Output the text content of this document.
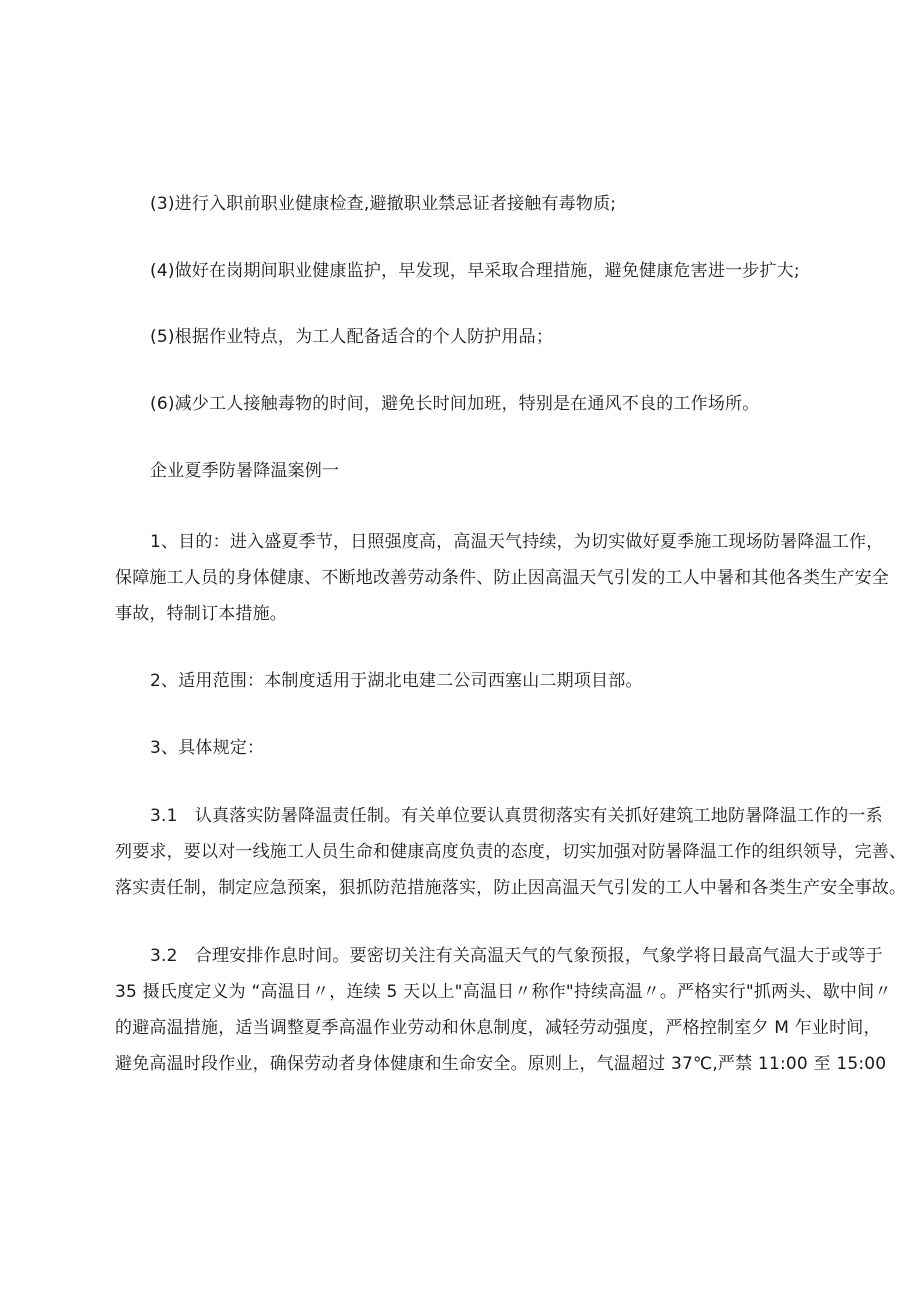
(3)进行入职前职业健康检查,避撤职业禁忌证者接触有毒物质;
(4)做好在岗期间职业健康监护，早发现，早采取合理措施，避免健康危害进一步扩大;
(5)根据作业特点，为工人配备适合的个人防护用品；
(6)减少工人接触毒物的时间，避免长时间加班，特别是在通风不良的工作场所。
企业夏季防暑降温案例一
1、目的：进入盛夏季节，日照强度高，高温天气持续，为切实做好夏季施工现场防暑降温工作，
保障施工人员的身体健康、不断地改善劳动条件、防止因高温天气引发的工人中暑和其他各类生产安全
事故，特制订本措施。
2、适用范围：本制度适用于湖北电建二公司西塞山二期项目部。
3、具体规定：
3.1　认真落实防暑降温责任制。有关单位要认真贯彻落实有关抓好建筑工地防暑降温工作的一系
列要求，要以对一线施工人员生命和健康高度负责的态度，切实加强对防暑降温工作的组织领导，完善、
落实责任制，制定应急预案，狠抓防范措施落实，防止因高温天气引发的工人中暑和各类生产安全事故。
3.2　合理安排作息时间。要密切关注有关高温天气的气象预报，气象学将日最高气温大于或等于
35 摄氏度定义为 “高温日〃，连续 5 天以上"高温日〃称作"持续高温〃。严格实行"抓两头、歇中间〃
的避高温措施，适当调整夏季高温作业劳动和休息制度，减轻劳动强度，严格控制室夕 M 乍业时间，
避免高温时段作业，确保劳动者身体健康和生命安全。原则上，气温超过 37℃,严禁 11:00 至 15:00
